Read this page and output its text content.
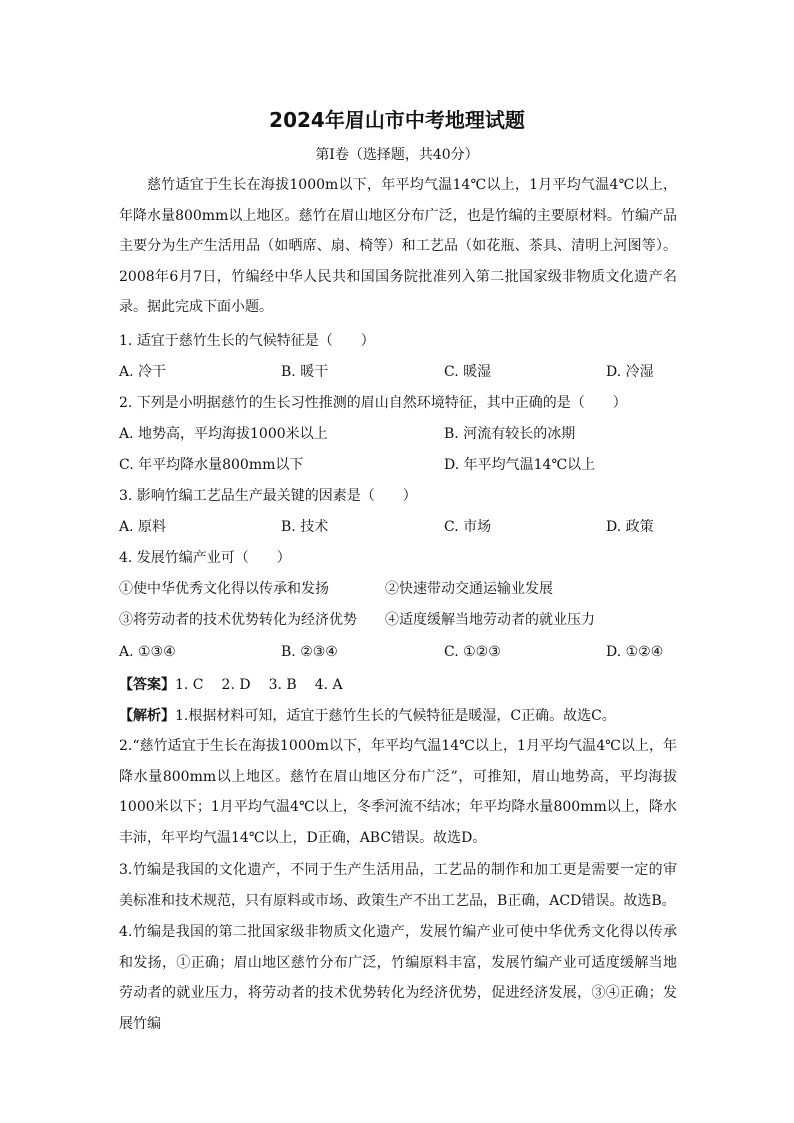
2024年眉山市中考地理试题
第Ⅰ卷（选择题，共40分）

慈竹适宜于生长在海拔1000m以下，年平均气温14℃以上，1月平均气温4℃以上，年降水量800mm以上地区。慈竹在眉山地区分布广泛，也是竹编的主要原材料。竹编产品主要分为生产生活用品（如晒席、扇、椅等）和工艺品（如花瓶、茶具、清明上河图等）。2008年6月7日，竹编经中华人民共和国国务院批准列入第二批国家级非物质文化遗产名录。据此完成下面小题。

1. 适宜于慈竹生长的气候特征是（　　）
A. 冷干	B. 暖干	C. 暖湿	D. 冷湿
2. 下列是小明据慈竹的生长习性推测的眉山自然环境特征，其中正确的是（　　）
A. 地势高，平均海拔1000米以上	B. 河流有较长的冰期
C. 年平均降水量800mm以下	D. 年平均气温14℃以上
3. 影响竹编工艺品生产最关键的因素是（　　）
A. 原料	B. 技术	C. 市场	D. 政策
4. 发展竹编产业可（　　）
①使中华优秀文化得以传承和发扬	②快速带动交通运输业发展
③将劳动者的技术优势转化为经济优势 ④适度缓解当地劳动者的就业压力
A. ①③④	B. ②③④	C. ①②③	D. ①②④
【答案】1. C 2. D 3. B 4. A
【解析】1.根据材料可知，适宜于慈竹生长的气候特征是暖湿，C正确。故选C。

2.“慈竹适宜于生长在海拔1000m以下，年平均气温14℃以上，1月平均气温4℃以上，年降水量800mm以上地区。慈竹在眉山地区分布广泛”，可推知，眉山地势高，平均海拔1000米以下；1月平均气温4℃以上，冬季河流不结冰；年平均降水量800mm以上，降水丰沛，年平均气温14℃以上，D正确，ABC错误。故选D。

3.竹编是我国的文化遗产，不同于生产生活用品，工艺品的制作和加工更是需要一定的审美标准和技术规范，只有原料或市场、政策生产不出工艺品，B正确，ACD错误。故选B。

4.竹编是我国的第二批国家级非物质文化遗产，发展竹编产业可使中华优秀文化得以传承和发扬，①正确；眉山地区慈竹分布广泛，竹编原料丰富，发展竹编产业可适度缓解当地劳动者的就业压力，将劳动者的技术优势转化为经济优势，促进经济发展，③④正确；发展竹编
